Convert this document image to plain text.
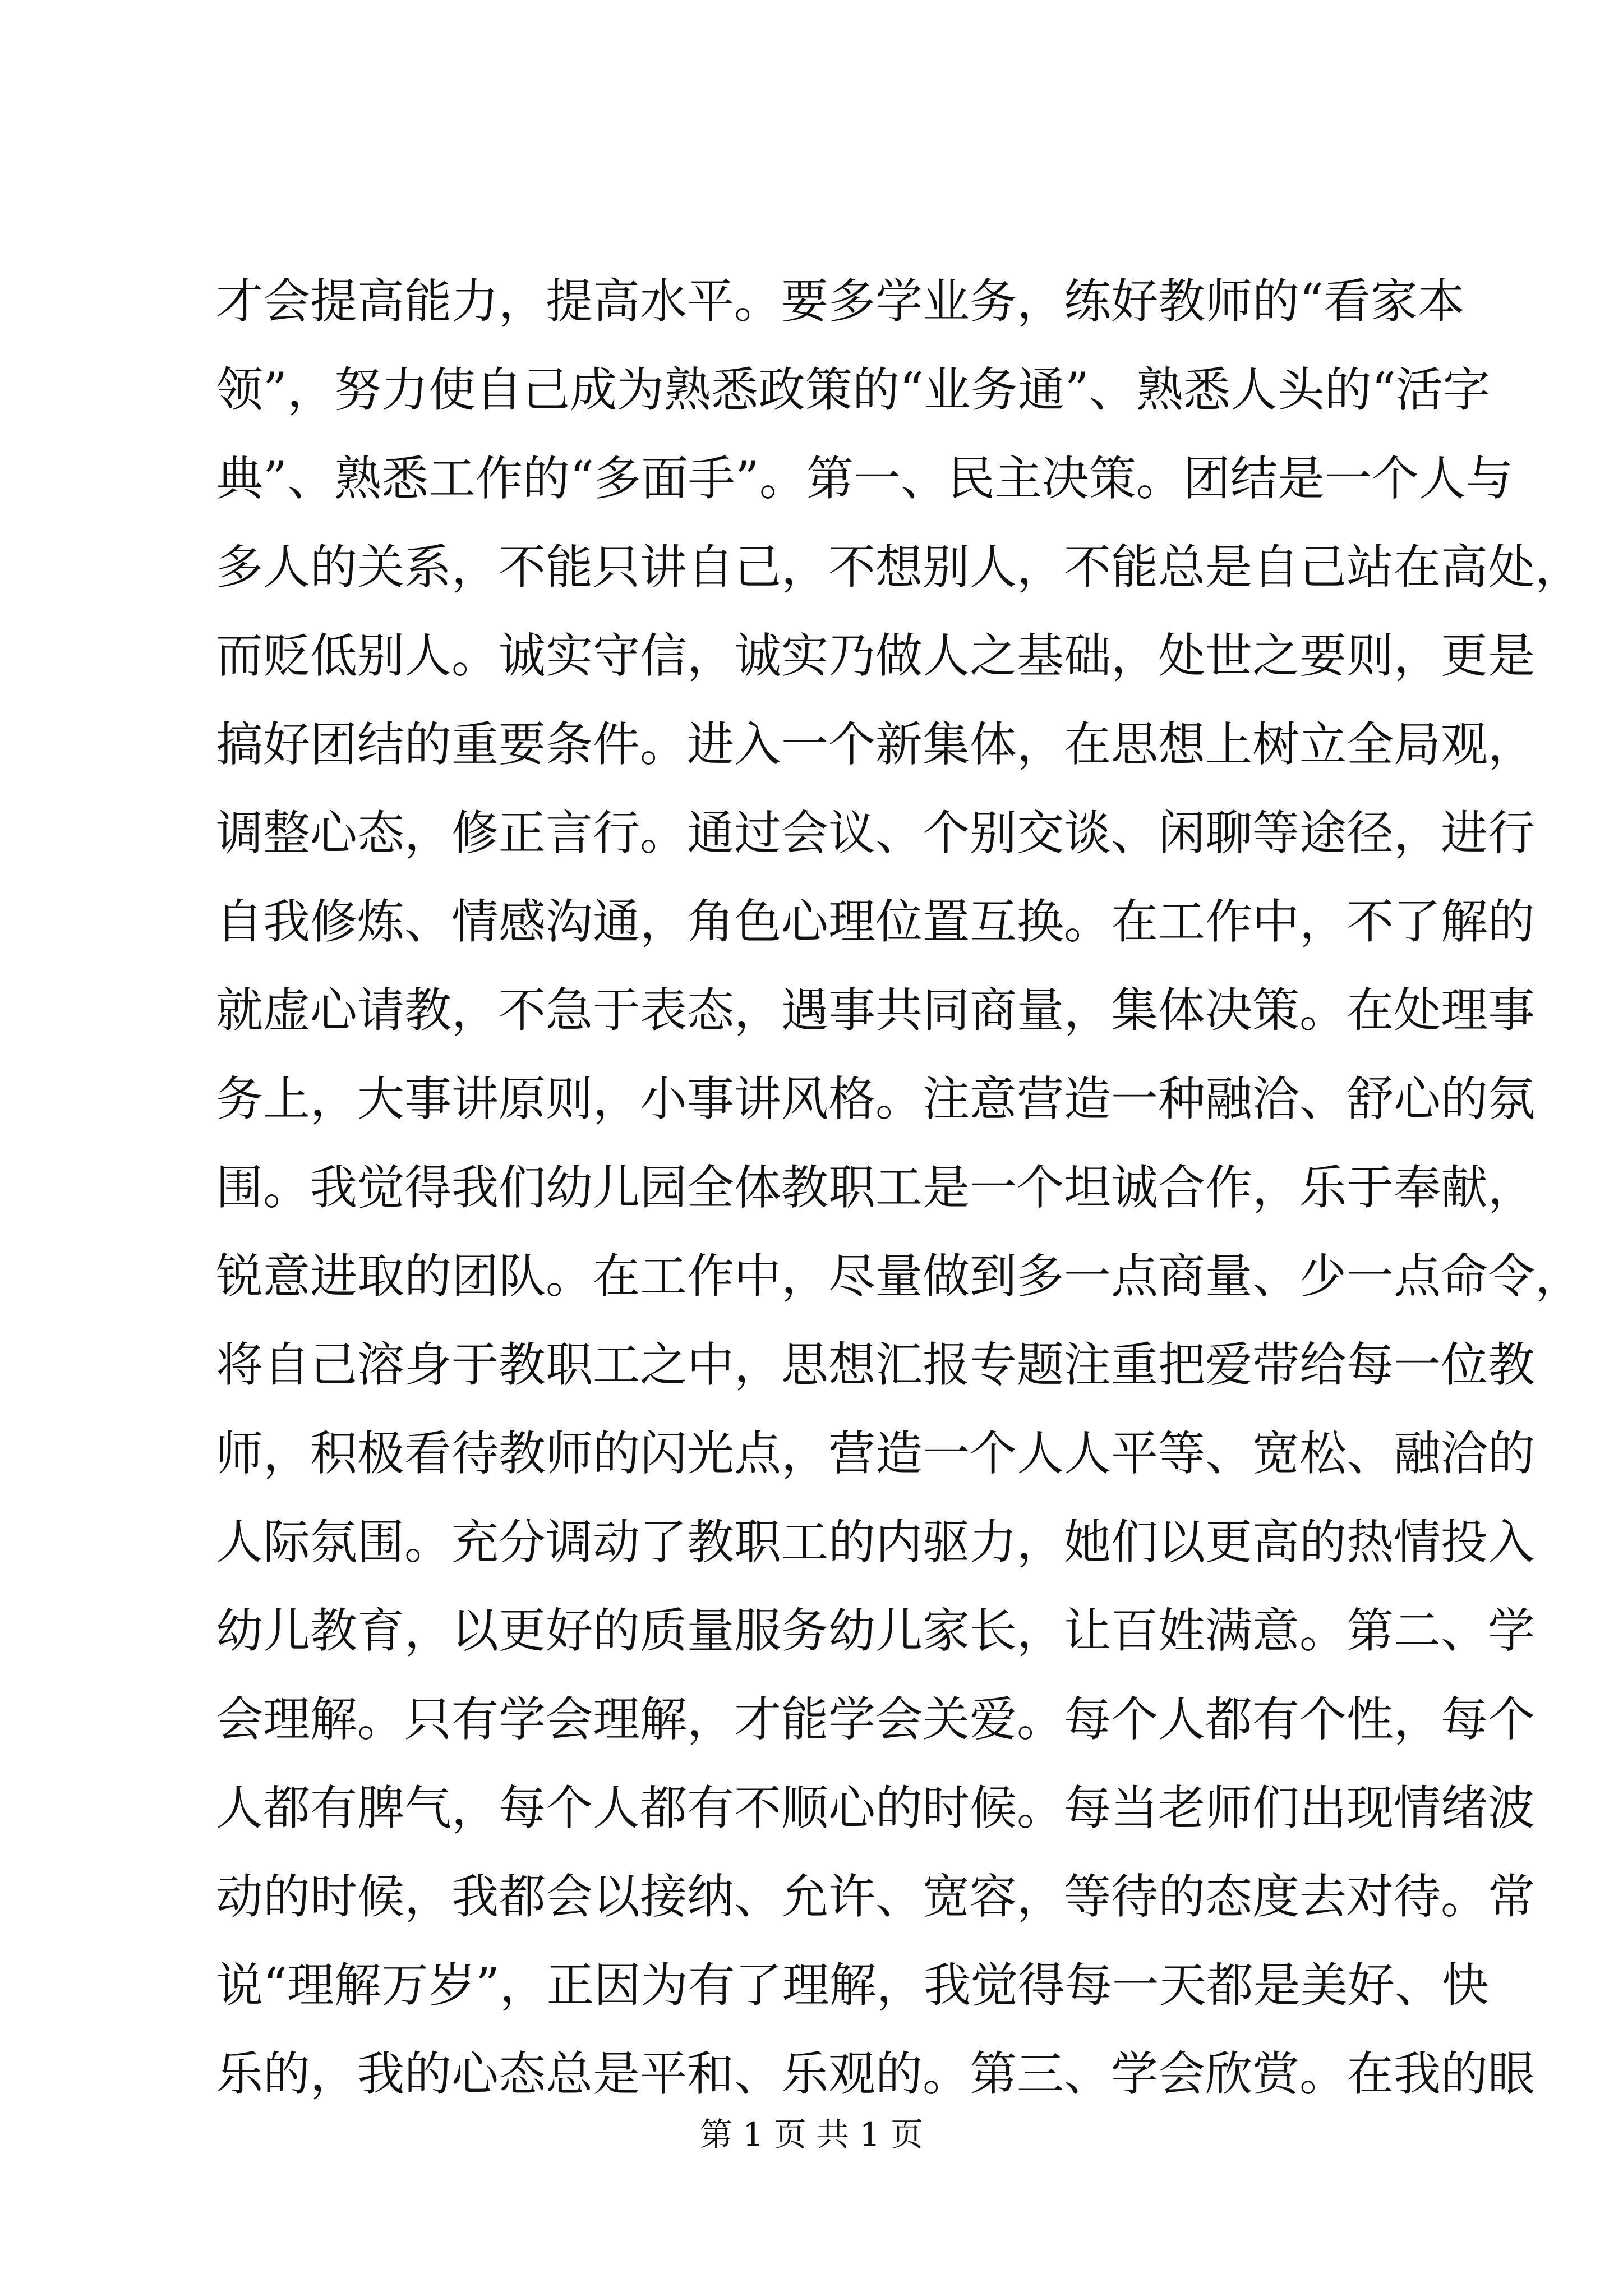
才会提高能力，提高水平。要多学业务，练好教师的“看家本
领”，努力使自己成为熟悉政策的“业务通”、熟悉人头的“活字
典”、熟悉工作的“多面手”。第一、民主决策。团结是一个人与
多人的关系，不能只讲自己，不想别人，不能总是自己站在高处，
而贬低别人。诚实守信，诚实乃做人之基础，处世之要则，更是
搞好团结的重要条件。进入一个新集体，在思想上树立全局观，
调整心态，修正言行。通过会议、个别交谈、闲聊等途径，进行
自我修炼、情感沟通，角色心理位置互换。在工作中，不了解的
就虚心请教，不急于表态，遇事共同商量，集体决策。在处理事
务上，大事讲原则，小事讲风格。注意营造一种融洽、舒心的氛
围。我觉得我们幼儿园全体教职工是一个坦诚合作，乐于奉献，
锐意进取的团队。在工作中，尽量做到多一点商量、少一点命令，
将自己溶身于教职工之中，思想汇报专题注重把爱带给每一位教
师，积极看待教师的闪光点，营造一个人人平等、宽松、融洽的
人际氛围。充分调动了教职工的内驱力，她们以更高的热情投入
幼儿教育，以更好的质量服务幼儿家长，让百姓满意。第二、学
会理解。只有学会理解，才能学会关爱。每个人都有个性，每个
人都有脾气，每个人都有不顺心的时候。每当老师们出现情绪波
动的时候，我都会以接纳、允许、宽容，等待的态度去对待。常
说“理解万岁”，正因为有了理解，我觉得每一天都是美好、快
乐的，我的心态总是平和、乐观的。第三、学会欣赏。在我的眼
第 1 页 共 1 页
